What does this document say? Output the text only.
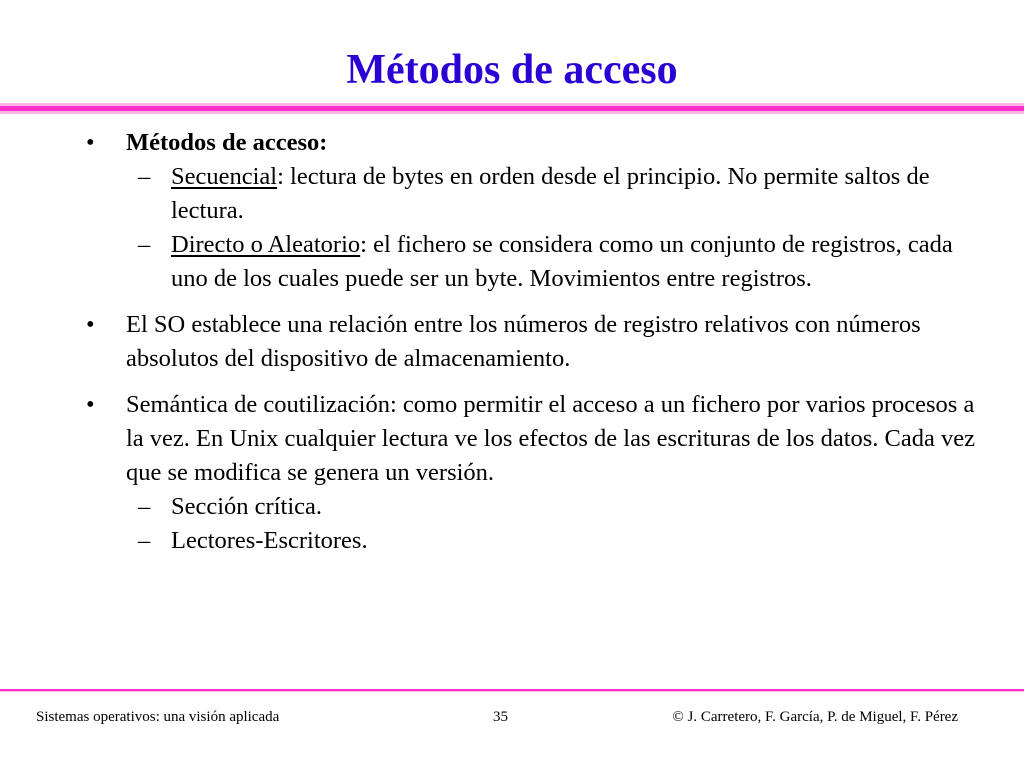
Métodos de acceso
• Métodos de acceso:
– Secuencial: lectura de bytes en orden desde el principio. No permite saltos de lectura.
– Directo o Aleatorio: el fichero se considera como un conjunto de registros, cada uno de los cuales puede ser un byte. Movimientos entre registros.
• El SO establece una relación entre los números de registro relativos con números absolutos del dispositivo de almacenamiento.
• Semántica de coutilización: como permitir el acceso a un fichero por varios procesos a la vez. En Unix cualquier lectura ve los efectos de las escrituras de los datos. Cada vez que se modifica se genera un versión.
– Sección crítica.
– Lectores-Escritores.
Sistemas operativos: una visión aplicada	35	© J. Carretero, F. García, P. de Miguel, F. Pérez
